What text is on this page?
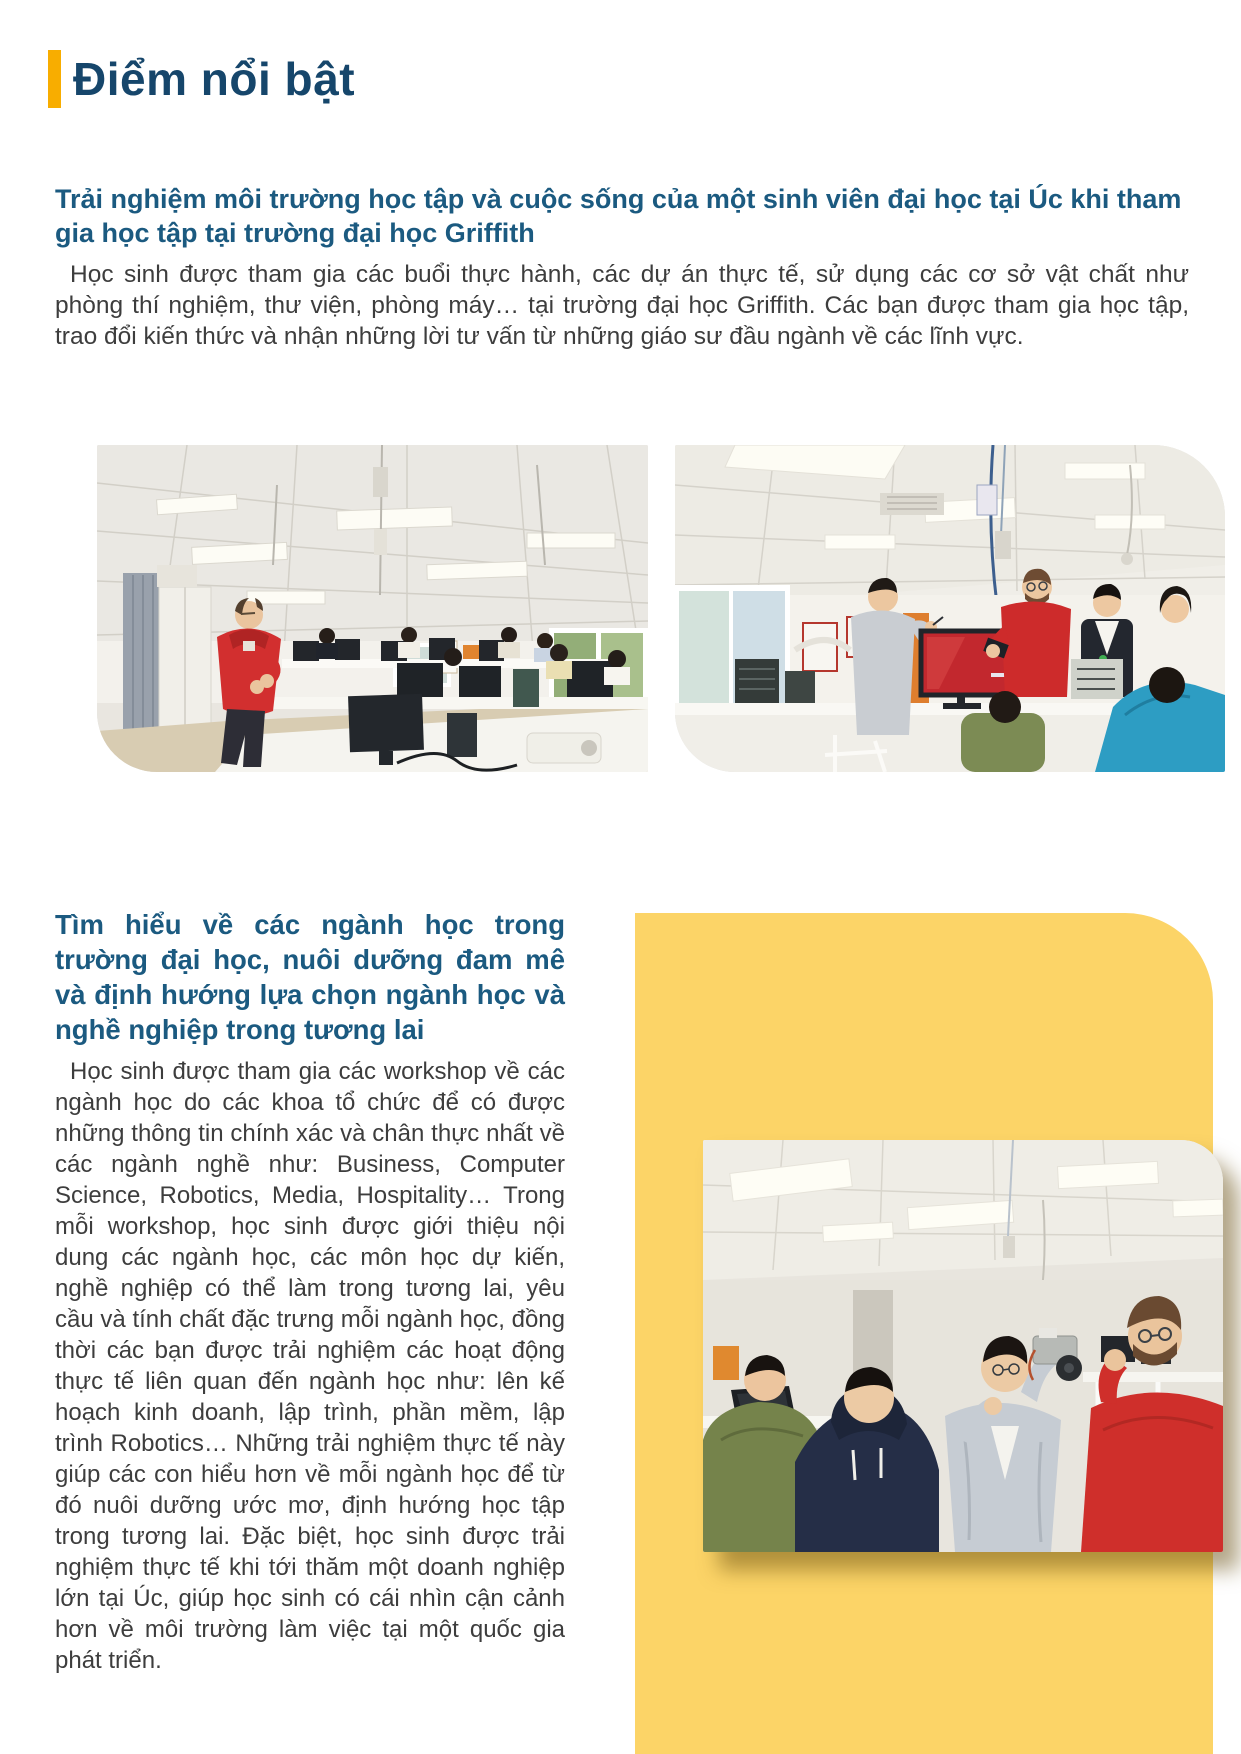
Điểm nổi bật
Trải nghiệm môi trường học tập và cuộc sống của một sinh viên đại học tại Úc khi tham gia học tập tại trường đại học Griffith

Học sinh được tham gia các buổi thực hành, các dự án thực tế, sử dụng các cơ sở vật chất như phòng thí nghiệm, thư viện, phòng máy… tại trường đại học Griffith. Các bạn được tham gia học tập, trao đổi kiến thức và nhận những lời tư vấn từ những giáo sư đầu ngành về các lĩnh vực.

Tìm hiểu về các ngành học trong trường đại học, nuôi dưỡng đam mê và định hướng lựa chọn ngành học và nghề nghiệp trong tương lai

Học sinh được tham gia các workshop về các ngành học do các khoa tổ chức để có được những thông tin chính xác và chân thực nhất về các ngành nghề như: Business, Computer Science, Robotics, Media, Hospitality… Trong mỗi workshop, học sinh được giới thiệu nội dung các ngành học, các môn học dự kiến, nghề nghiệp có thể làm trong tương lai, yêu cầu và tính chất đặc trưng mỗi ngành học, đồng thời các bạn được trải nghiệm các hoạt động thực tế liên quan đến ngành học như: lên kế hoạch kinh doanh, lập trình, phần mềm, lập trình Robotics… Những trải nghiệm thực tế này giúp các con hiểu hơn về mỗi ngành học để từ đó nuôi dưỡng ước mơ, định hướng học tập trong tương lai. Đặc biệt, học sinh được trải nghiệm thực tế khi tới thăm một doanh nghiệp lớn tại Úc, giúp học sinh có cái nhìn cận cảnh hơn về môi trường làm việc tại một quốc gia phát triển.
